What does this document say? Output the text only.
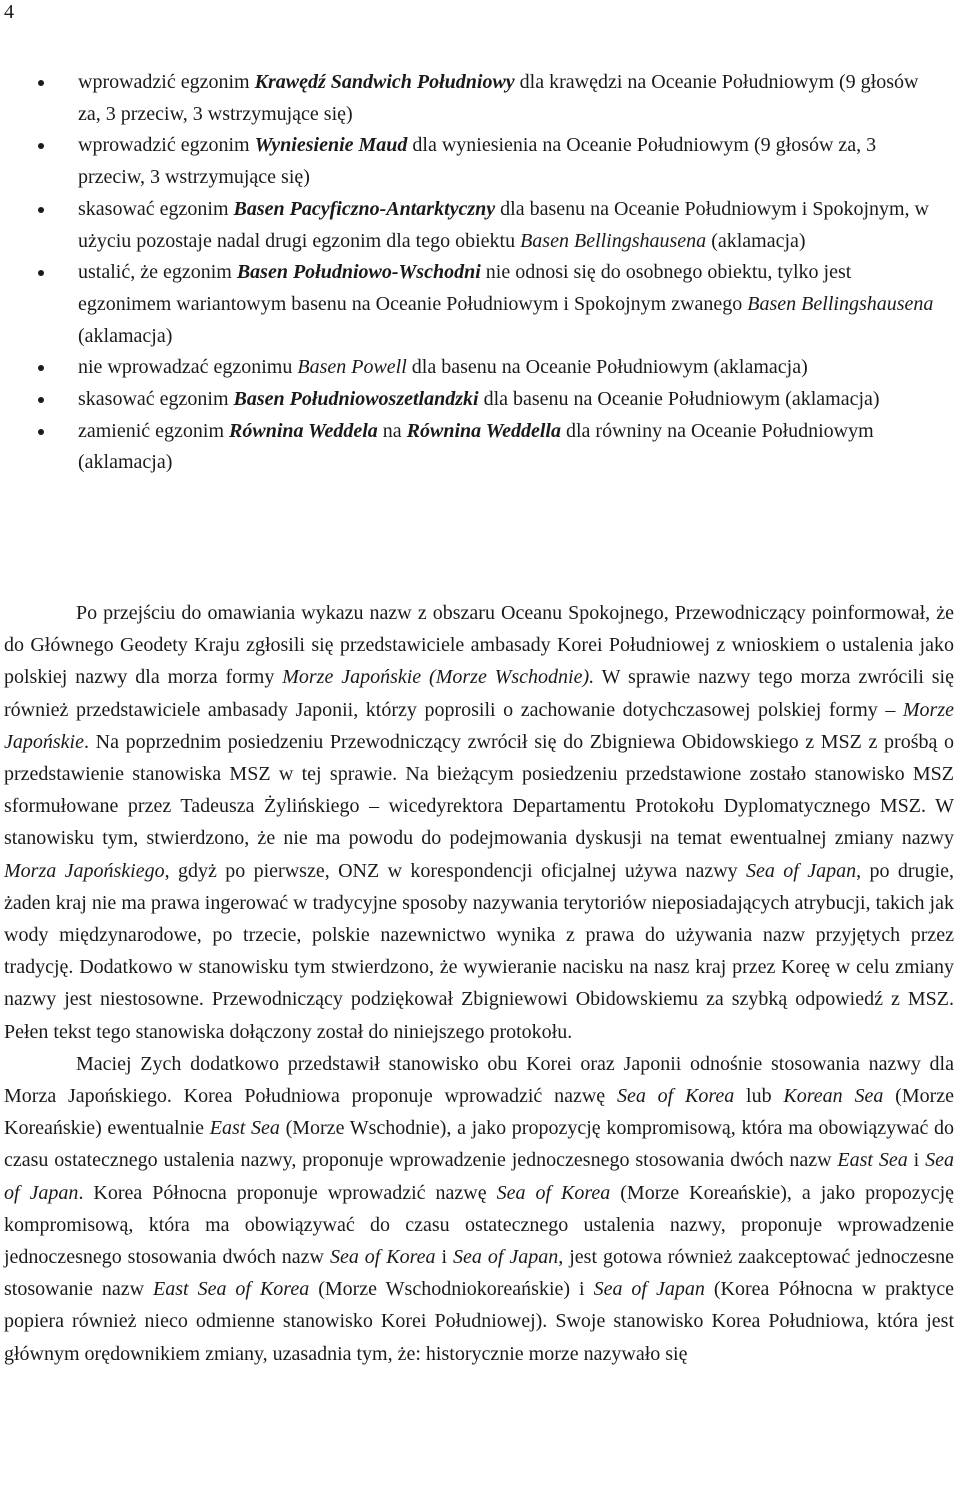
4
wprowadzić egzonim Krawędź Sandwich Południowy dla krawędzi na Oceanie Południowym (9 głosów za, 3 przeciw, 3 wstrzymujące się)
wprowadzić egzonim Wyniesienie Maud dla wyniesienia na Oceanie Południowym (9 głosów za, 3 przeciw, 3 wstrzymujące się)
skasować egzonim Basen Pacyficzno-Antarktyczny dla basenu na Oceanie Południowym i Spokojnym, w użyciu pozostaje nadal drugi egzonim dla tego obiektu Basen Bellingshausena (aklamacja)
ustalić, że egzonim Basen Południowo-Wschodni nie odnosi się do osobnego obiektu, tylko jest egzonimem wariantowym basenu na Oceanie Południowym i Spokojnym zwanego Basen Bellingshausena (aklamacja)
nie wprowadzać egzonimu Basen Powell dla basenu na Oceanie Południowym (aklamacja)
skasować egzonim Basen Południowoszetlandzki dla basenu na Oceanie Południowym (aklamacja)
zamienić egzonim Równina Weddela na Równina Weddella dla równiny na Oceanie Południowym (aklamacja)

Po przejściu do omawiania wykazu nazw z obszaru Oceanu Spokojnego, Przewodniczący poinformował, że do Głównego Geodety Kraju zgłosili się przedstawiciele ambasady Korei Południowej z wnioskiem o ustalenia jako polskiej nazwy dla morza formy Morze Japońskie (Morze Wschodnie). W sprawie nazwy tego morza zwrócili się również przedstawiciele ambasady Japonii, którzy poprosili o zachowanie dotychczasowej polskiej formy – Morze Japońskie. Na poprzednim posiedzeniu Przewodniczący zwrócił się do Zbigniewa Obidowskiego z MSZ z prośbą o przedstawienie stanowiska MSZ w tej sprawie. Na bieżącym posiedzeniu przedstawione zostało stanowisko MSZ sformułowane przez Tadeusza Żylińskiego – wicedyrektora Departamentu Protokołu Dyplomatycznego MSZ. W stanowisku tym, stwierdzono, że nie ma powodu do podejmowania dyskusji na temat ewentualnej zmiany nazwy Morza Japońskiego, gdyż po pierwsze, ONZ w korespondencji oficjalnej używa nazwy Sea of Japan, po drugie, żaden kraj nie ma prawa ingerować w tradycyjne sposoby nazywania terytoriów nieposiadających atrybucji, takich jak wody międzynarodowe, po trzecie, polskie nazewnictwo wynika z prawa do używania nazw przyjętych przez tradycję. Dodatkowo w stanowisku tym stwierdzono, że wywieranie nacisku na nasz kraj przez Koreę w celu zmiany nazwy jest niestosowne. Przewodniczący podziękował Zbigniewowi Obidowskiemu za szybką odpowiedź z MSZ. Pełen tekst tego stanowiska dołączony został do niniejszego protokołu.

Maciej Zych dodatkowo przedstawił stanowisko obu Korei oraz Japonii odnośnie stosowania nazwy dla Morza Japońskiego. Korea Południowa proponuje wprowadzić nazwę Sea of Korea lub Korean Sea (Morze Koreańskie) ewentualnie East Sea (Morze Wschodnie), a jako propozycję kompromisową, która ma obowiązywać do czasu ostatecznego ustalenia nazwy, proponuje wprowadzenie jednoczesnego stosowania dwóch nazw East Sea i Sea of Japan. Korea Północna proponuje wprowadzić nazwę Sea of Korea (Morze Koreańskie), a jako propozycję kompromisową, która ma obowiązywać do czasu ostatecznego ustalenia nazwy, proponuje wprowadzenie jednoczesnego stosowania dwóch nazw Sea of Korea i Sea of Japan, jest gotowa również zaakceptować jednoczesne stosowanie nazw East Sea of Korea (Morze Wschodniokoreańskie) i Sea of Japan (Korea Północna w praktyce popiera również nieco odmienne stanowisko Korei Południowej). Swoje stanowisko Korea Południowa, która jest głównym orędownikiem zmiany, uzasadnia tym, że: historycznie morze nazywało się
